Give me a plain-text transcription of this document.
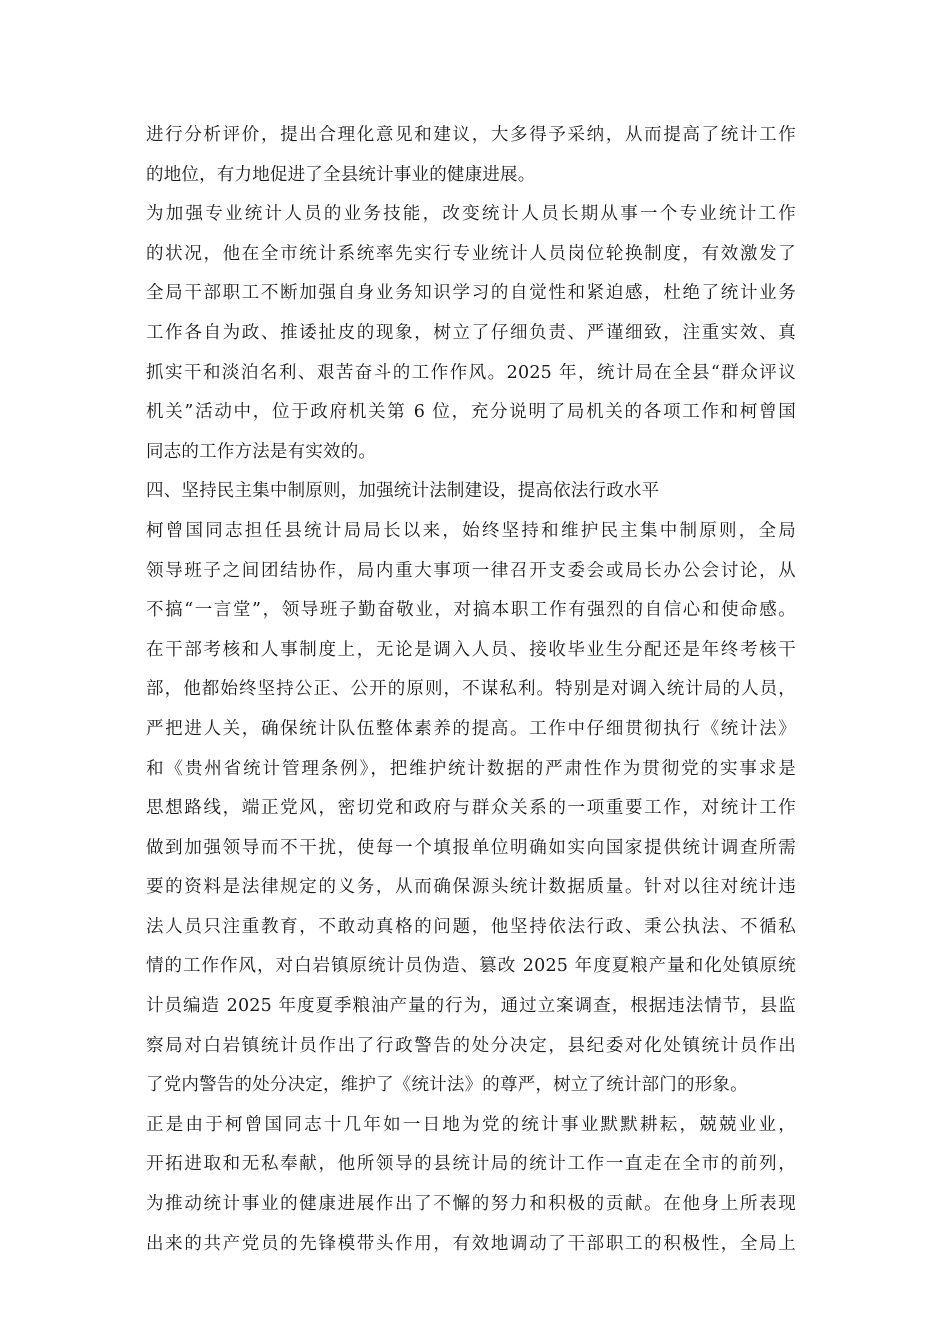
进行分析评价，提出合理化意见和建议，大多得予采纳，从而提高了统计工作
的地位，有力地促进了全县统计事业的健康进展。
为加强专业统计人员的业务技能，改变统计人员长期从事一个专业统计工作
的状况，他在全市统计系统率先实行专业统计人员岗位轮换制度，有效激发了
全局干部职工不断加强自身业务知识学习的自觉性和紧迫感，杜绝了统计业务
工作各自为政、推诿扯皮的现象，树立了仔细负责、严谨细致，注重实效、真
抓实干和淡泊名利、艰苦奋斗的工作作风。2025 年，统计局在全县“群众评议
机关”活动中，位于政府机关第 6 位，充分说明了局机关的各项工作和柯曾国
同志的工作方法是有实效的。
四、坚持民主集中制原则，加强统计法制建设，提高依法行政水平
柯曾国同志担任县统计局局长以来，始终坚持和维护民主集中制原则，全局
领导班子之间团结协作，局内重大事项一律召开支委会或局长办公会讨论，从
不搞“一言堂”，领导班子勤奋敬业，对搞本职工作有强烈的自信心和使命感。
在干部考核和人事制度上，无论是调入人员、接收毕业生分配还是年终考核干
部，他都始终坚持公正、公开的原则，不谋私利。特别是对调入统计局的人员，
严把进人关，确保统计队伍整体素养的提高。工作中仔细贯彻执行《统计法》
和《贵州省统计管理条例》，把维护统计数据的严肃性作为贯彻党的实事求是
思想路线，端正党风，密切党和政府与群众关系的一项重要工作，对统计工作
做到加强领导而不干扰，使每一个填报单位明确如实向国家提供统计调查所需
要的资料是法律规定的义务，从而确保源头统计数据质量。针对以往对统计违
法人员只注重教育，不敢动真格的问题，他坚持依法行政、秉公执法、不循私
情的工作作风，对白岩镇原统计员伪造、篡改 2025 年度夏粮产量和化处镇原统
计员编造 2025 年度夏季粮油产量的行为，通过立案调查，根据违法情节，县监
察局对白岩镇统计员作出了行政警告的处分决定，县纪委对化处镇统计员作出
了党内警告的处分决定，维护了《统计法》的尊严，树立了统计部门的形象。
正是由于柯曾国同志十几年如一日地为党的统计事业默默耕耘，兢兢业业，
开拓进取和无私奉献，他所领导的县统计局的统计工作一直走在全市的前列，
为推动统计事业的健康进展作出了不懈的努力和积极的贡献。在他身上所表现
出来的共产党员的先锋模带头作用，有效地调动了干部职工的积极性，全局上
